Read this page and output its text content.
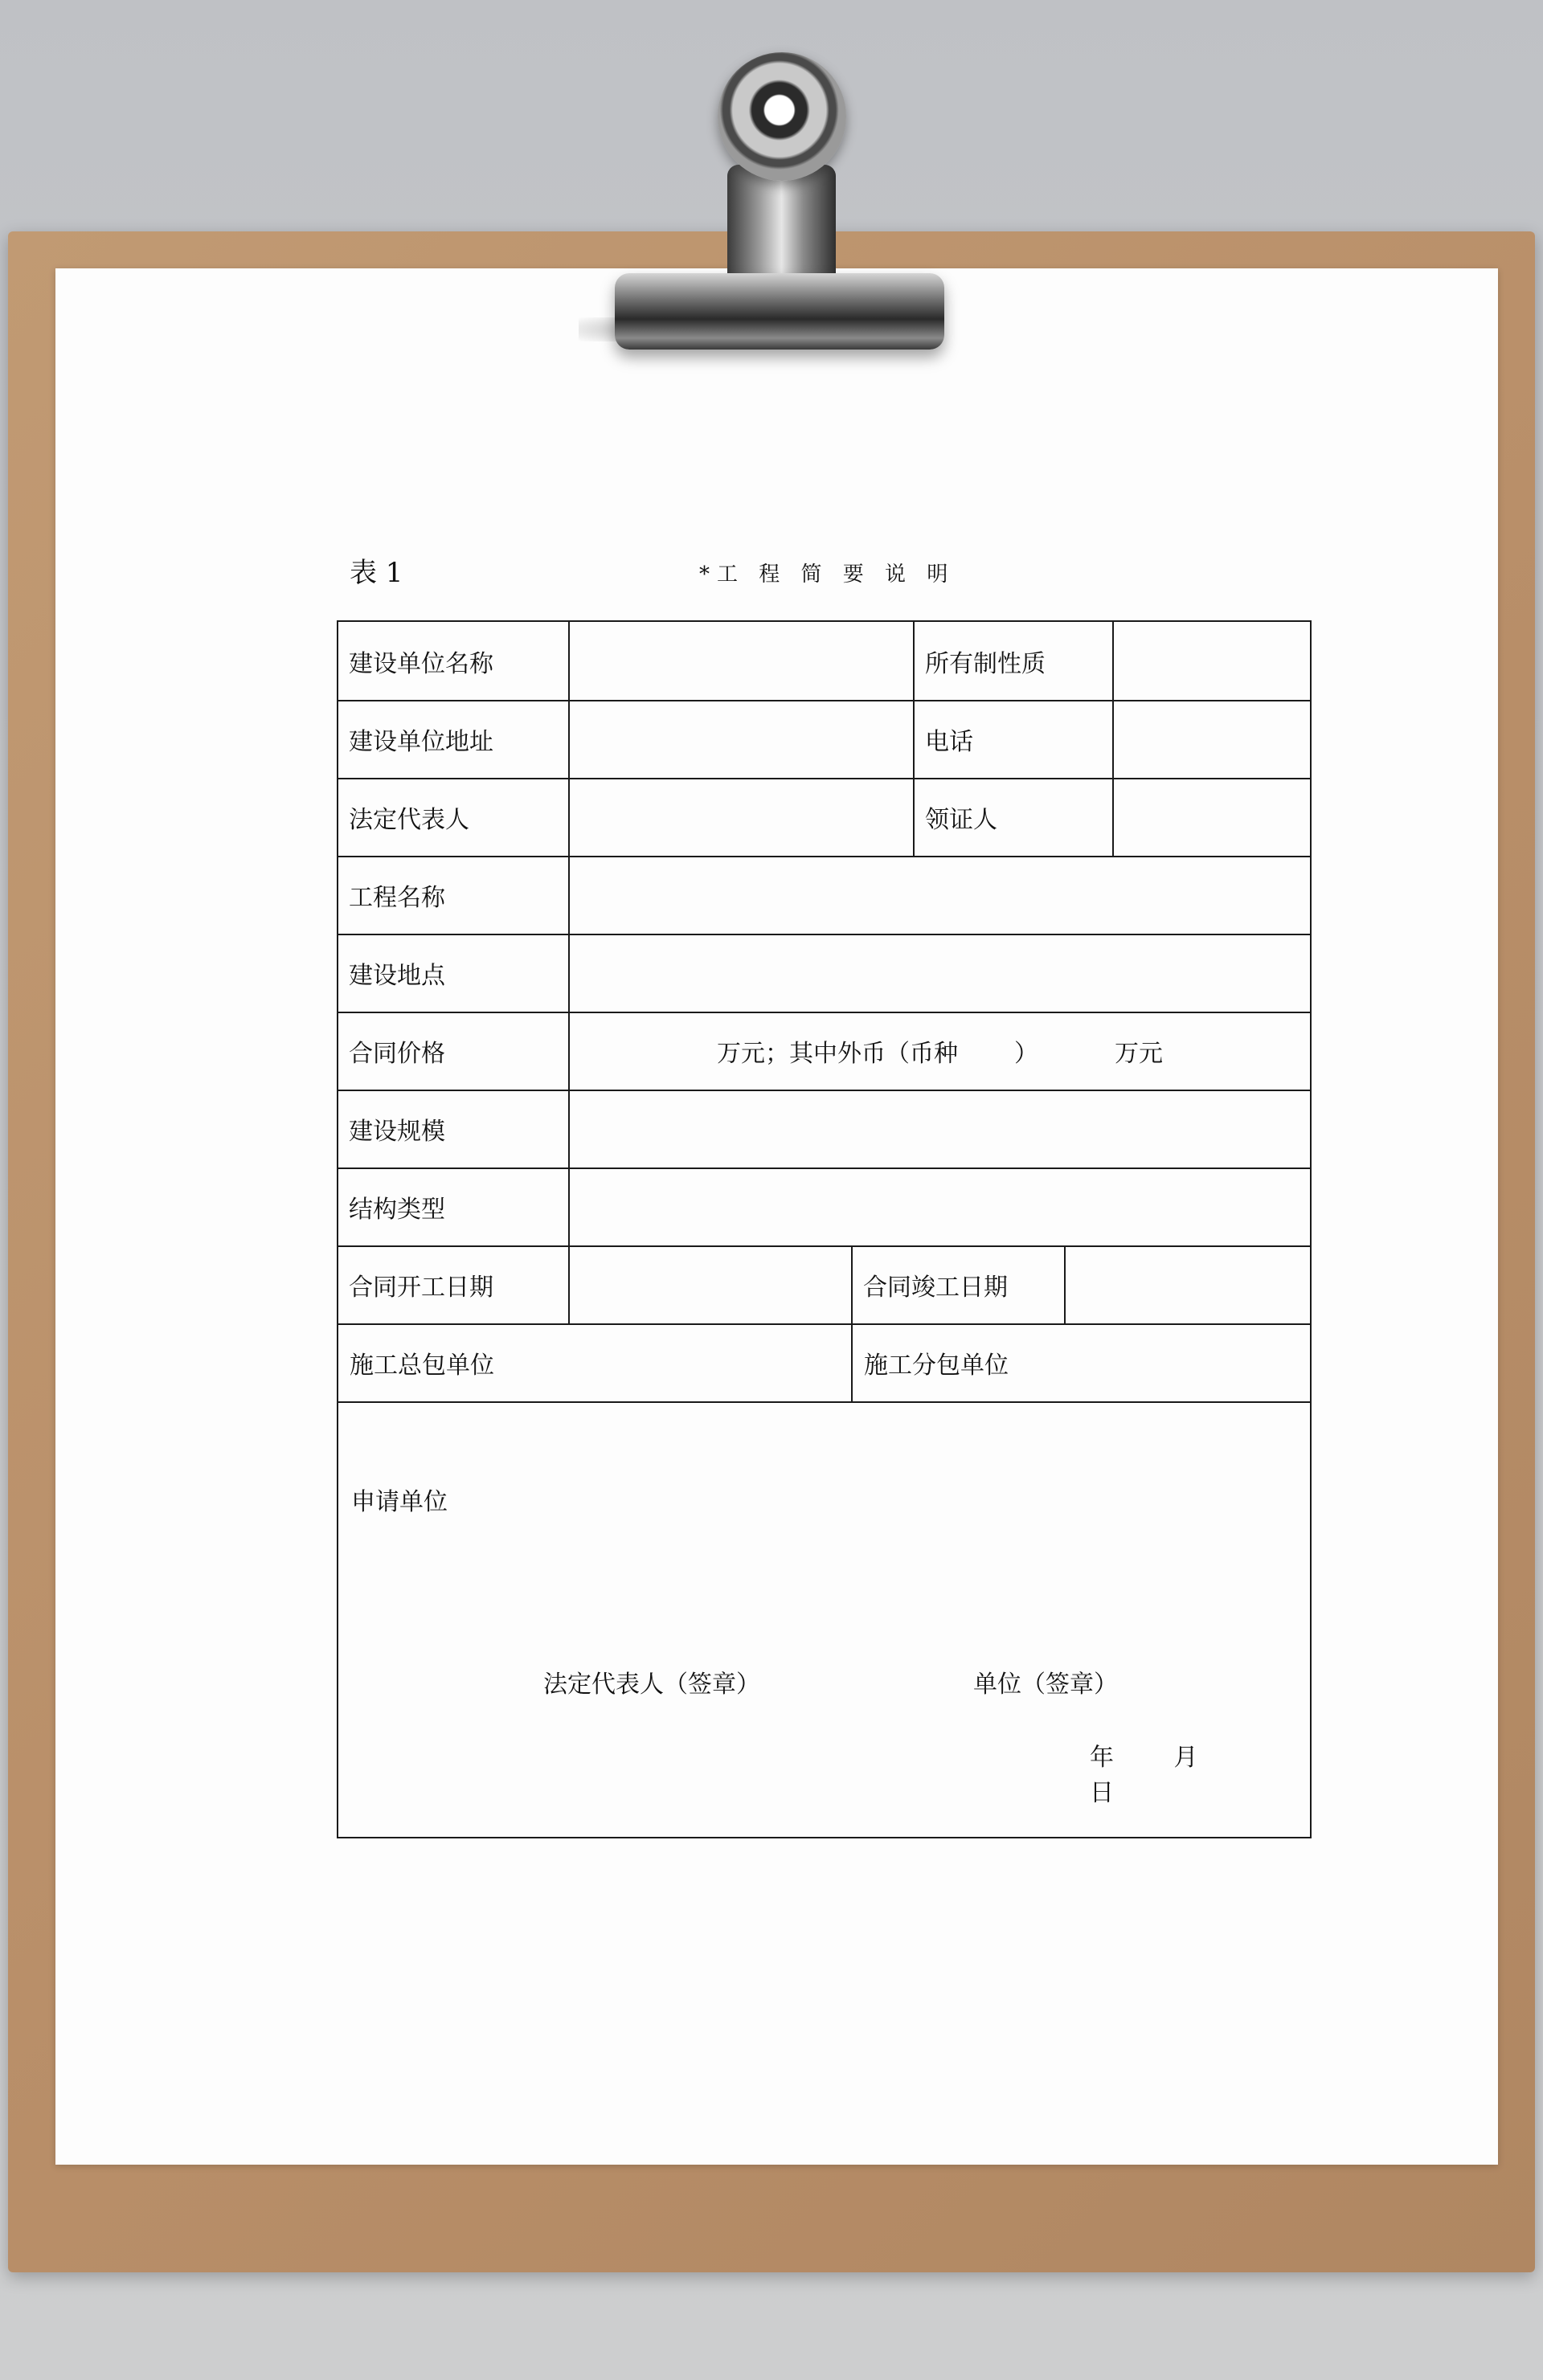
表 1	*工 程 简 要 说 明
建设单位名称	所有制性质
建设单位地址	电话
法定代表人	领证人
工程名称
建设地点
合同价格	万元；其中外币（币种 ）	万元
建设规模
结构类型
合同开工日期	合同竣工日期
施工总包单位	施工分包单位
申请单位
法定代表人（签章）	单位（签章）
年 月 日
